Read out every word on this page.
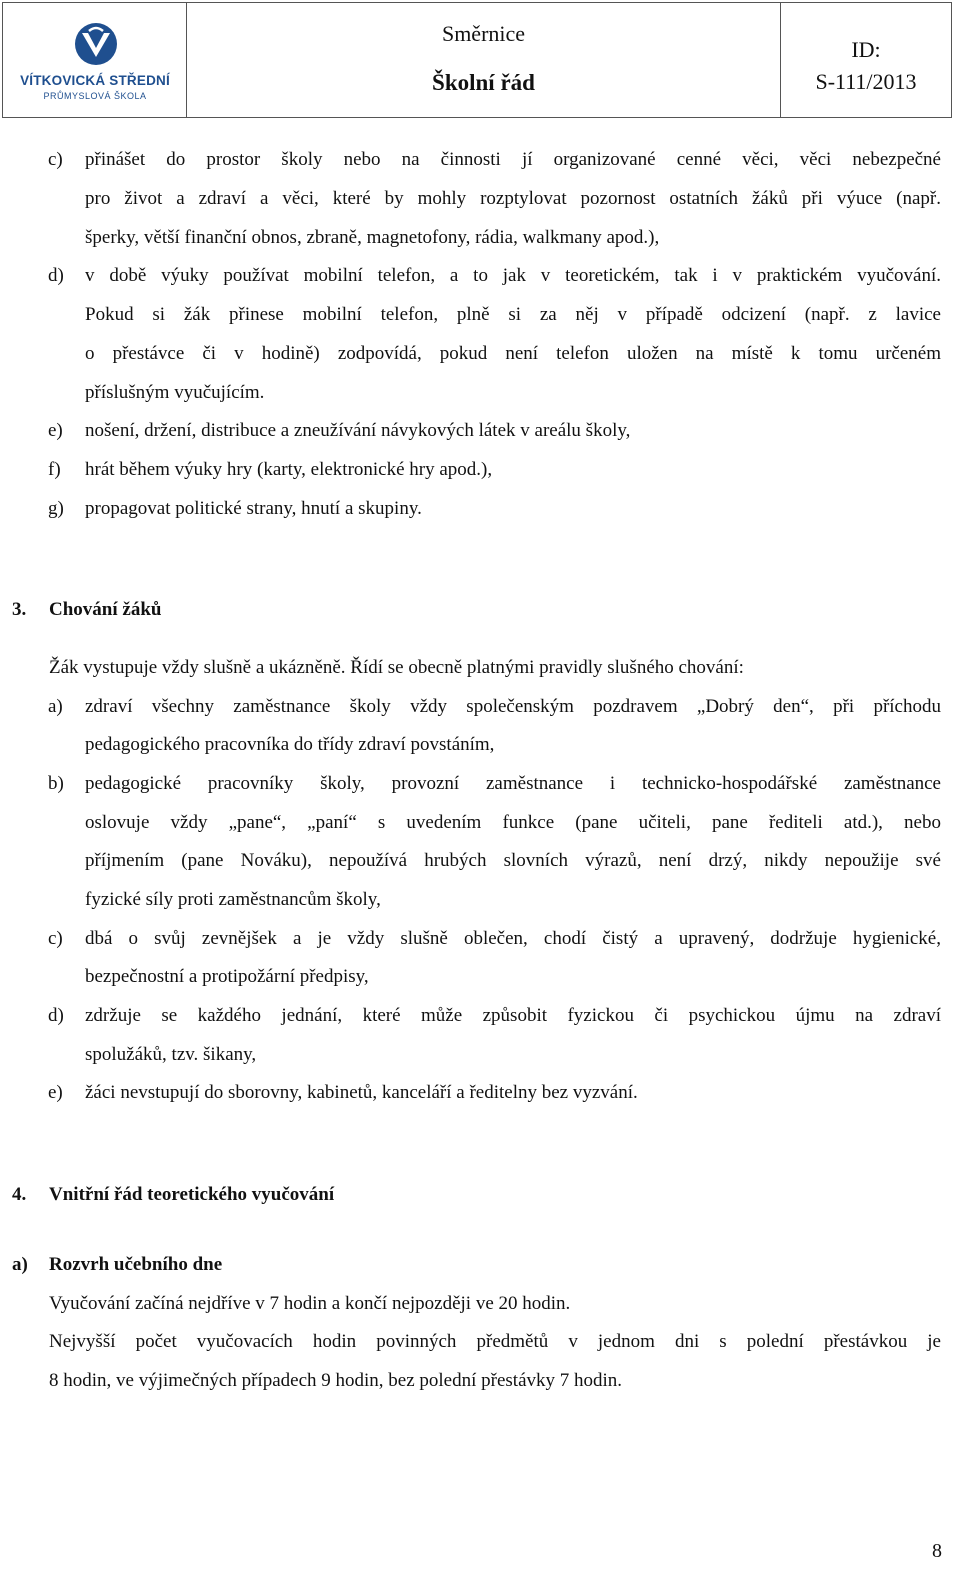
VÍTKOVICKÁ STŘEDNÍ
PRŮMYSLOVÁ ŠKOLA
Směrnice
Školní řád
ID:
S-111/2013
c) přinášet do prostor školy nebo na činnosti jí organizované cenné věci, věci nebezpečné
pro život a zdraví a věci, které by mohly rozptylovat pozornost ostatních žáků při výuce (např.
šperky, větší finanční obnos, zbraně, magnetofony, rádia, walkmany apod.),
d) v době výuky používat mobilní telefon, a to jak v teoretickém, tak i v praktickém vyučování.
Pokud si žák přinese mobilní telefon, plně si za něj v případě odcizení (např. z lavice
o přestávce či v hodině) zodpovídá, pokud není telefon uložen na místě k tomu určeném
příslušným vyučujícím.
e) nošení, držení, distribuce a zneužívání návykových látek v areálu školy,
f) hrát během výuky hry (karty, elektronické hry apod.),
g) propagovat politické strany, hnutí a skupiny.
3. Chování žáků
Žák vystupuje vždy slušně a ukázněně. Řídí se obecně platnými pravidly slušného chování:
a) zdraví všechny zaměstnance školy vždy společenským pozdravem „Dobrý den“, při příchodu
pedagogického pracovníka do třídy zdraví povstáním,
b) pedagogické pracovníky školy, provozní zaměstnance i technicko-hospodářské zaměstnance
oslovuje vždy „pane“, „paní“ s uvedením funkce (pane učiteli, pane řediteli atd.), nebo
příjmením (pane Nováku), nepoužívá hrubých slovních výrazů, není drzý, nikdy nepoužije své
fyzické síly proti zaměstnancům školy,
c) dbá o svůj zevnějšek a je vždy slušně oblečen, chodí čistý a upravený, dodržuje hygienické,
bezpečnostní a protipožární předpisy,
d) zdržuje se každého jednání, které může způsobit fyzickou či psychickou újmu na zdraví
spolužáků, tzv. šikany,
e) žáci nevstupují do sborovny, kabinetů, kanceláří a ředitelny bez vyzvání.
4. Vnitřní řád teoretického vyučování
a) Rozvrh učebního dne
Vyučování začíná nejdříve v 7 hodin a končí nejpozději ve 20 hodin.
Nejvyšší počet vyučovacích hodin povinných předmětů v jednom dni s polední přestávkou je
8 hodin, ve výjimečných případech 9 hodin, bez polední přestávky 7 hodin.
8
